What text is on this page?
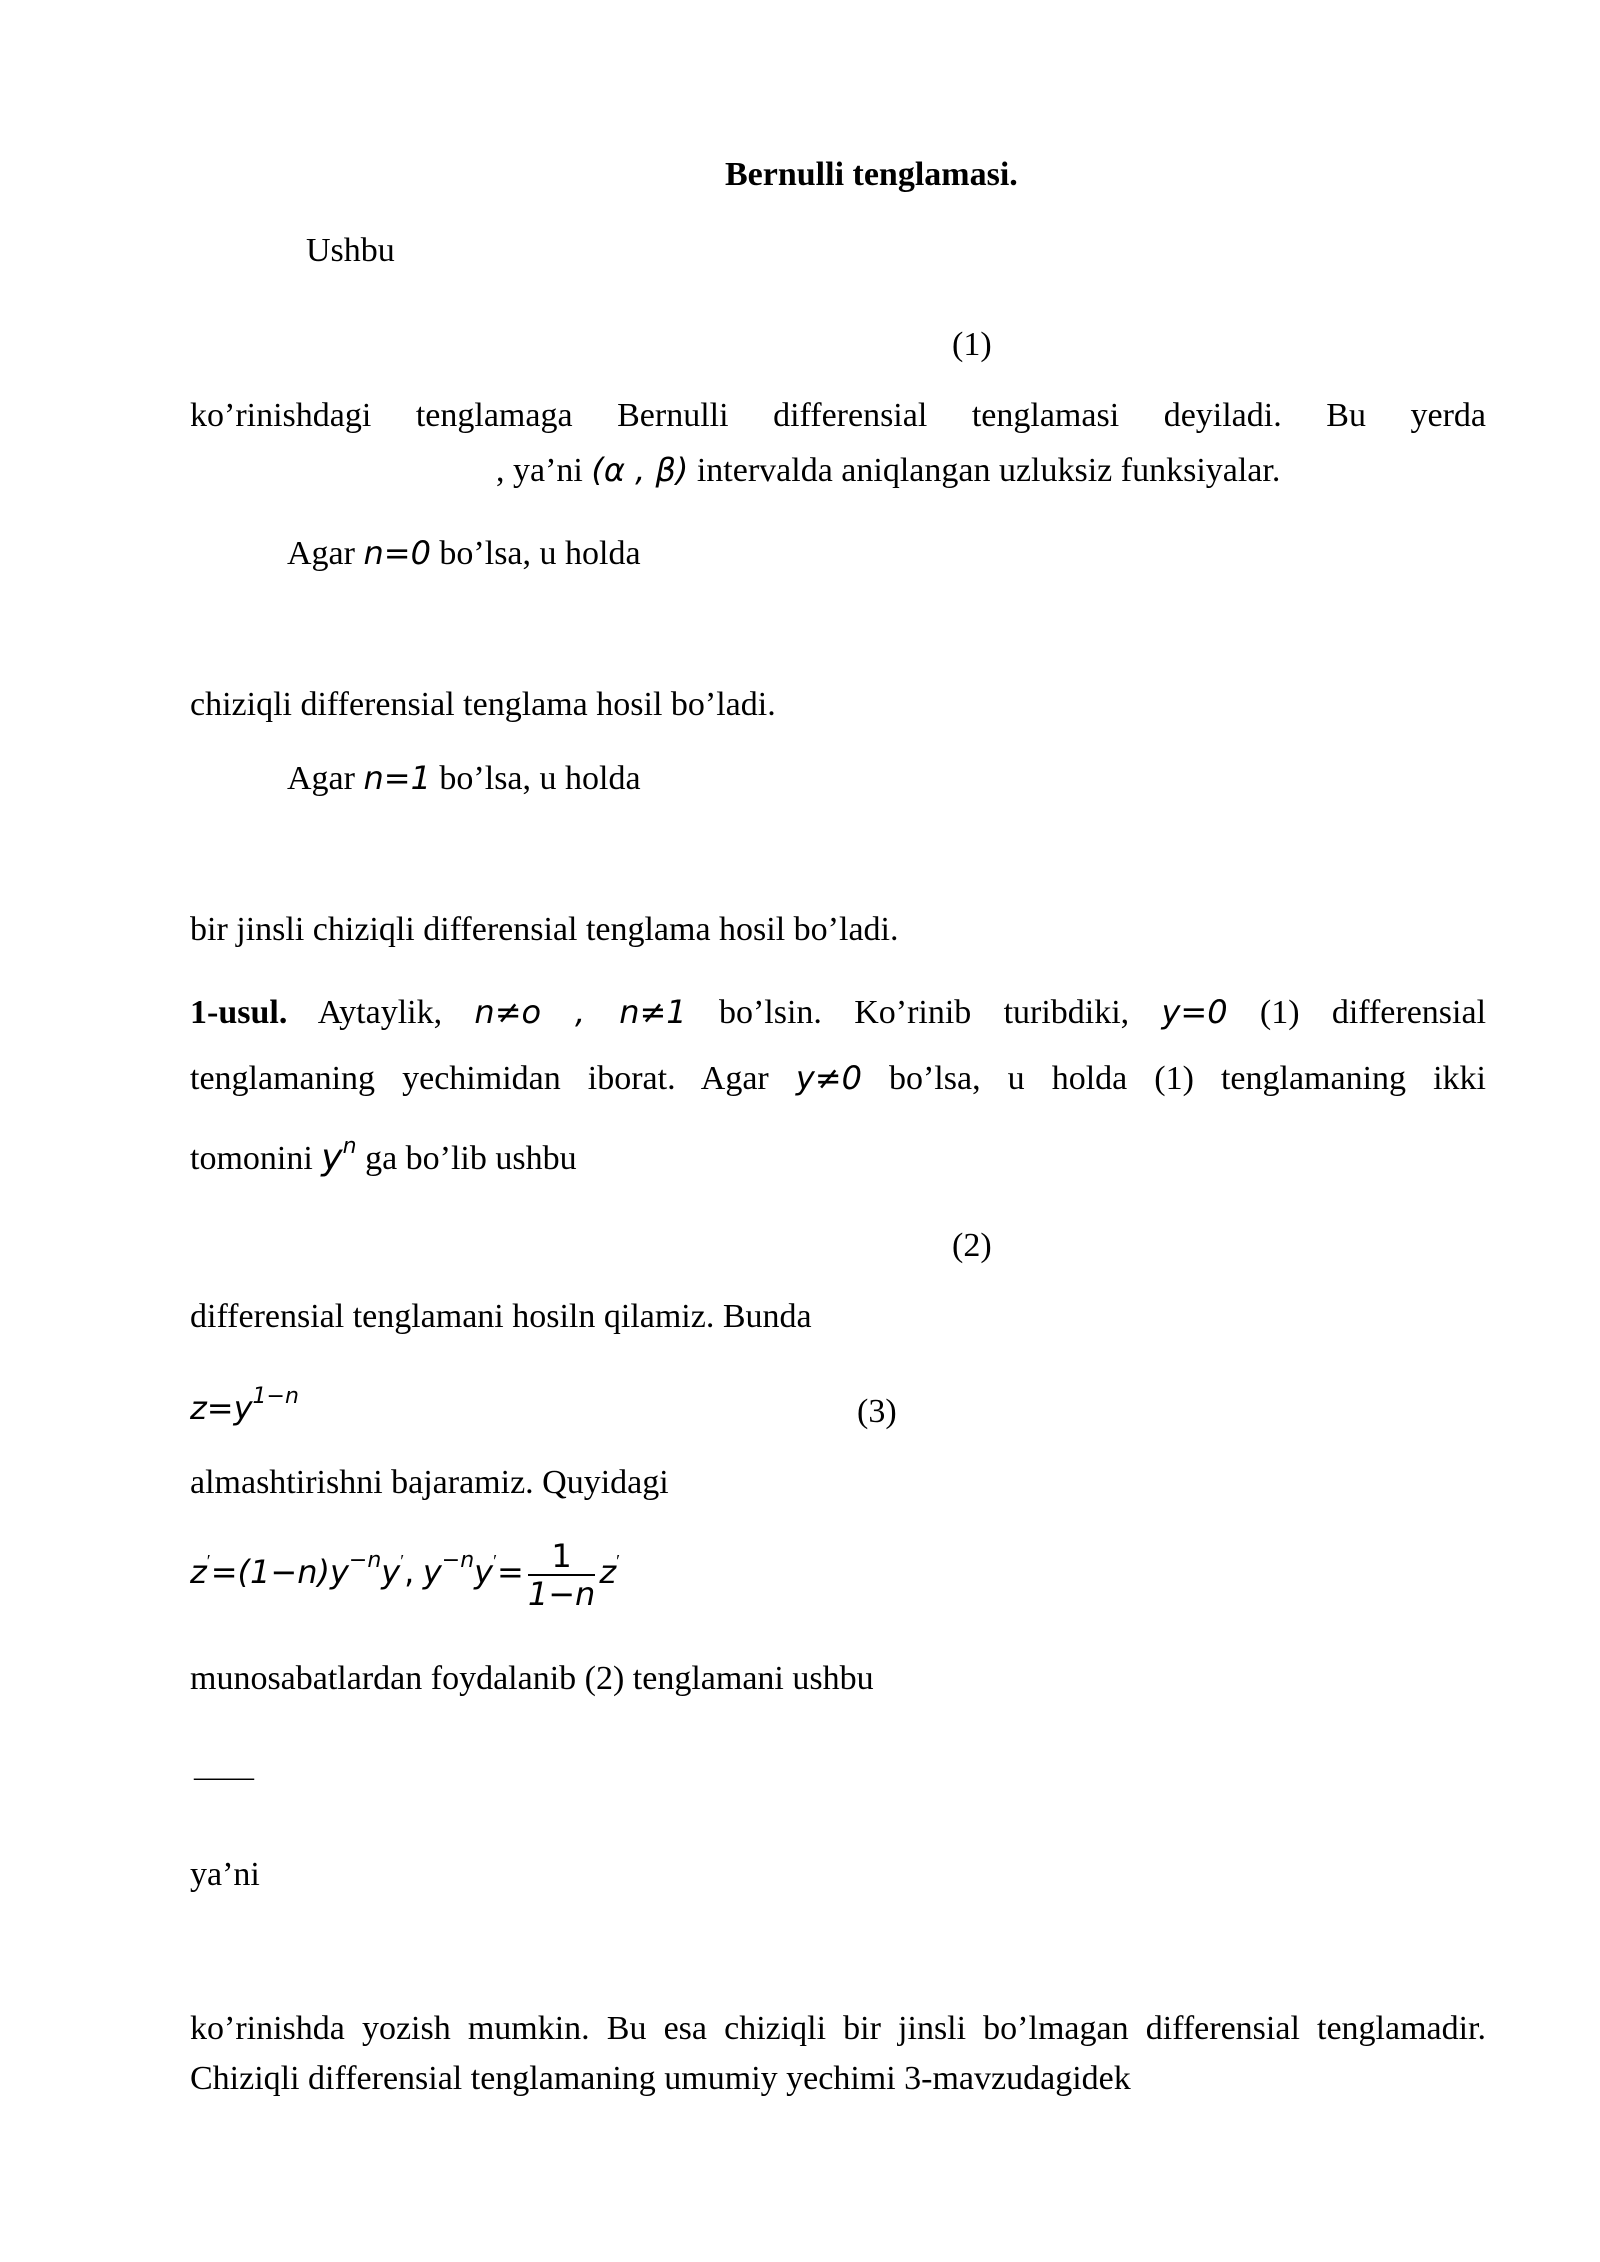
Bernulli tenglamasi.
Ushbu
(1)
ko’rinishdagi tenglamaga Bernulli differensial tenglamasi deyiladi. Bu yerda
, ya’ni (α , β) intervalda aniqlangan uzluksiz funksiyalar.
Agar n=0 bo’lsa, u holda
chiziqli differensial tenglama hosil bo’ladi.
Agar n=1 bo’lsa, u holda
bir jinsli chiziqli differensial tenglama hosil bo’ladi.
1-usul. Aytaylik, n≠o , n≠1 bo’lsin. Ko’rinib turibdiki, y=0 (1) differensial
tenglamaning yechimidan iborat. Agar y≠0 bo’lsa, u holda (1) tenglamaning ikki
tomonini $y^n$ ga bo’lib ushbu
(2)
differensial tenglamani hosiln qilamiz. Bunda
$z=y^{1-n}$	(3)
almashtirishni bajaramiz. Quyidagi
$z'=(1-n)y^{-n}y'$, $y^{-n}y'= \frac{1}{1-n} z'$
munosabatlardan foydalanib (2) tenglamani ushbu
____
ya’ni
ko’rinishda yozish mumkin. Bu esa chiziqli bir jinsli bo’lmagan differensial tenglamadir. Chiziqli differensial tenglamaning umumiy yechimi 3-mavzudagidek
